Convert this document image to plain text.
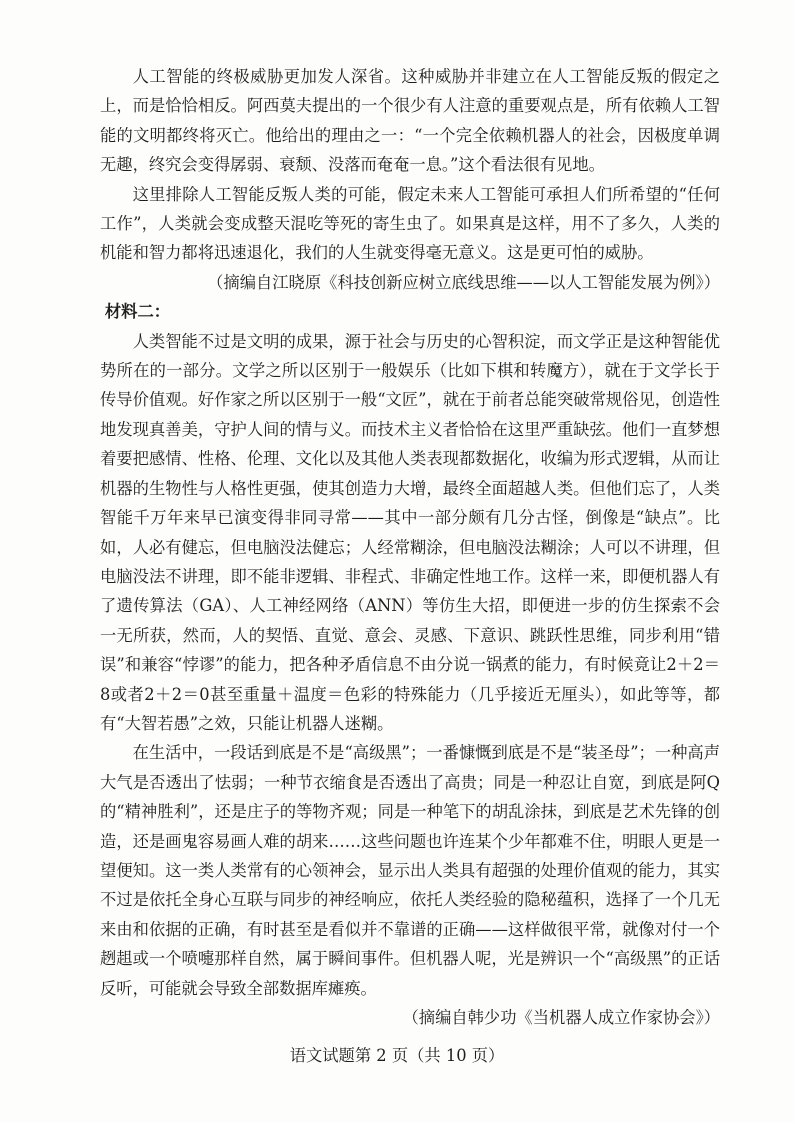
人工智能的终极威胁更加发人深省。这种威胁并非建立在人工智能反叛的假定之上，而是恰恰相反。阿西莫夫提出的一个很少有人注意的重要观点是，所有依赖人工智能的文明都终将灭亡。他给出的理由之一：“一个完全依赖机器人的社会，因极度单调无趣，终究会变得孱弱、衰颓、没落而奄奄一息。”这个看法很有见地。

这里排除人工智能反叛人类的可能，假定未来人工智能可承担人们所希望的“任何工作”，人类就会变成整天混吃等死的寄生虫了。如果真是这样，用不了多久，人类的机能和智力都将迅速退化，我们的人生就变得毫无意义。这是更可怕的威胁。

（摘编自江晓原《科技创新应树立底线思维——以人工智能发展为例》）

材料二：

人类智能不过是文明的成果，源于社会与历史的心智积淀，而文学正是这种智能优势所在的一部分。文学之所以区别于一般娱乐（比如下棋和转魔方），就在于文学长于传导价值观。好作家之所以区别于一般“文匠”，就在于前者总能突破常规俗见，创造性地发现真善美，守护人间的情与义。而技术主义者恰恰在这里严重缺弦。他们一直梦想着要把感情、性格、伦理、文化以及其他人类表现都数据化，收编为形式逻辑，从而让机器的生物性与人格性更强，使其创造力大增，最终全面超越人类。但他们忘了，人类智能千万年来早已演变得非同寻常——其中一部分颇有几分古怪，倒像是“缺点”。比如，人必有健忘，但电脑没法健忘；人经常糊涂，但电脑没法糊涂；人可以不讲理，但电脑没法不讲理，即不能非逻辑、非程式、非确定性地工作。这样一来，即便机器人有了遗传算法（GA）、人工神经网络（ANN）等仿生大招，即便进一步的仿生探索不会一无所获，然而，人的契悟、直觉、意会、灵感、下意识、跳跃性思维，同步利用“错误”和兼容“悖谬”的能力，把各种矛盾信息不由分说一锅煮的能力，有时候竟让2＋2＝8或者2＋2＝0甚至重量＋温度＝色彩的特殊能力（几乎接近无厘头），如此等等，都有“大智若愚”之效，只能让机器人迷糊。

在生活中，一段话到底是不是“高级黑”；一番慷慨到底是不是“装圣母”；一种高声大气是否透出了怯弱；一种节衣缩食是否透出了高贵；同是一种忍让自宽，到底是阿Q的“精神胜利”，还是庄子的等物齐观；同是一种笔下的胡乱涂抹，到底是艺术先锋的创造，还是画鬼容易画人难的胡来……这些问题也许连某个少年都难不住，明眼人更是一望便知。这一类人类常有的心领神会，显示出人类具有超强的处理价值观的能力，其实不过是依托全身心互联与同步的神经响应，依托人类经验的隐秘蕴积，选择了一个几无来由和依据的正确，有时甚至是看似并不靠谱的正确——这样做很平常，就像对付一个趔趄或一个喷嚏那样自然，属于瞬间事件。但机器人呢，光是辨识一个“高级黑”的正话反听，可能就会导致全部数据库瘫痪。

（摘编自韩少功《当机器人成立作家协会》）

语文试题第 2 页（共 10 页）
